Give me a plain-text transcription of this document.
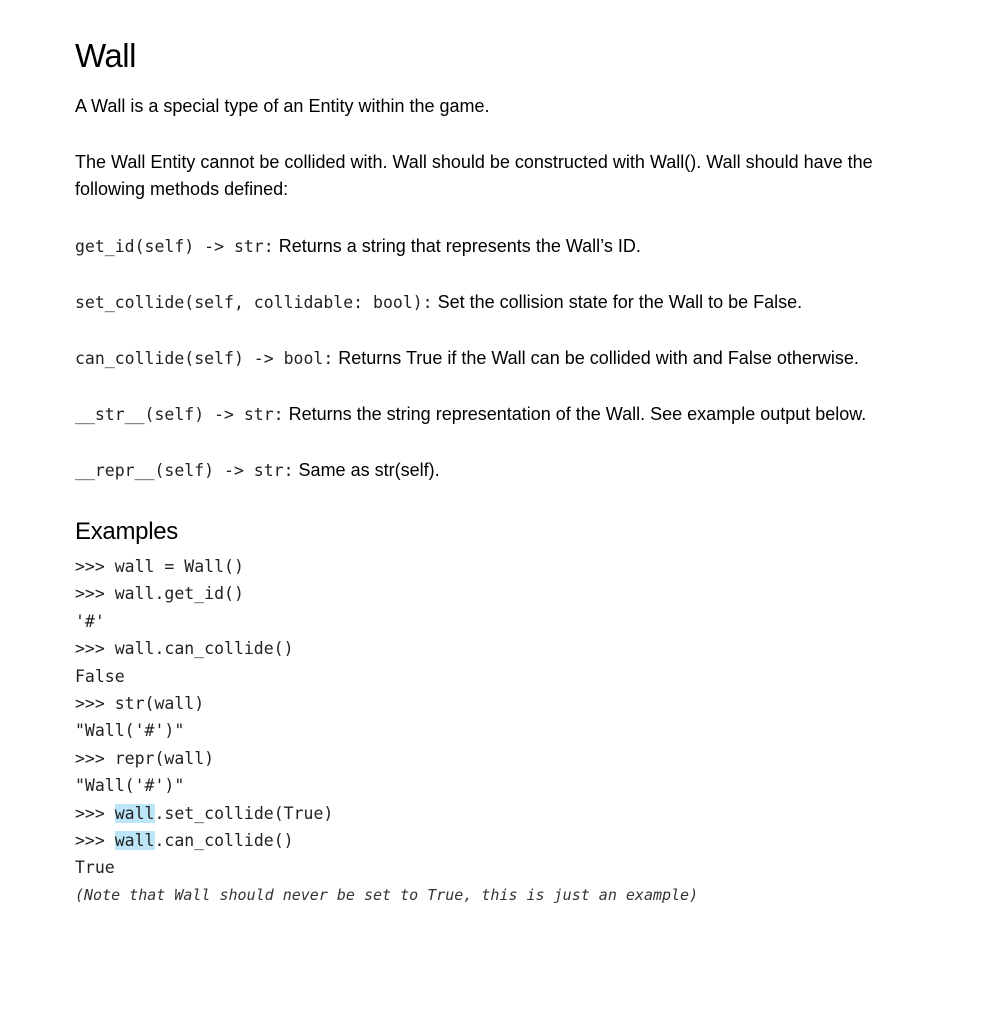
Wall

A Wall is a special type of an Entity within the game.

The Wall Entity cannot be collided with. Wall should be constructed with Wall(). Wall should have the following methods defined:

get_id(self) -> str: Returns a string that represents the Wall’s ID.

set_collide(self, collidable: bool): Set the collision state for the Wall to be False.

can_collide(self) -> bool: Returns True if the Wall can be collided with and False otherwise.

__str__(self) -> str: Returns the string representation of the Wall. See example output below.

__repr__(self) -> str: Same as str(self).

Examples
>>> wall = Wall()
>>> wall.get_id()
'#'
>>> wall.can_collide()
False
>>> str(wall)
"Wall('#')"
>>> repr(wall)
"Wall('#')"
>>> wall.set_collide(True)
>>> wall.can_collide()
True
(Note that Wall should never be set to True, this is just an example)
